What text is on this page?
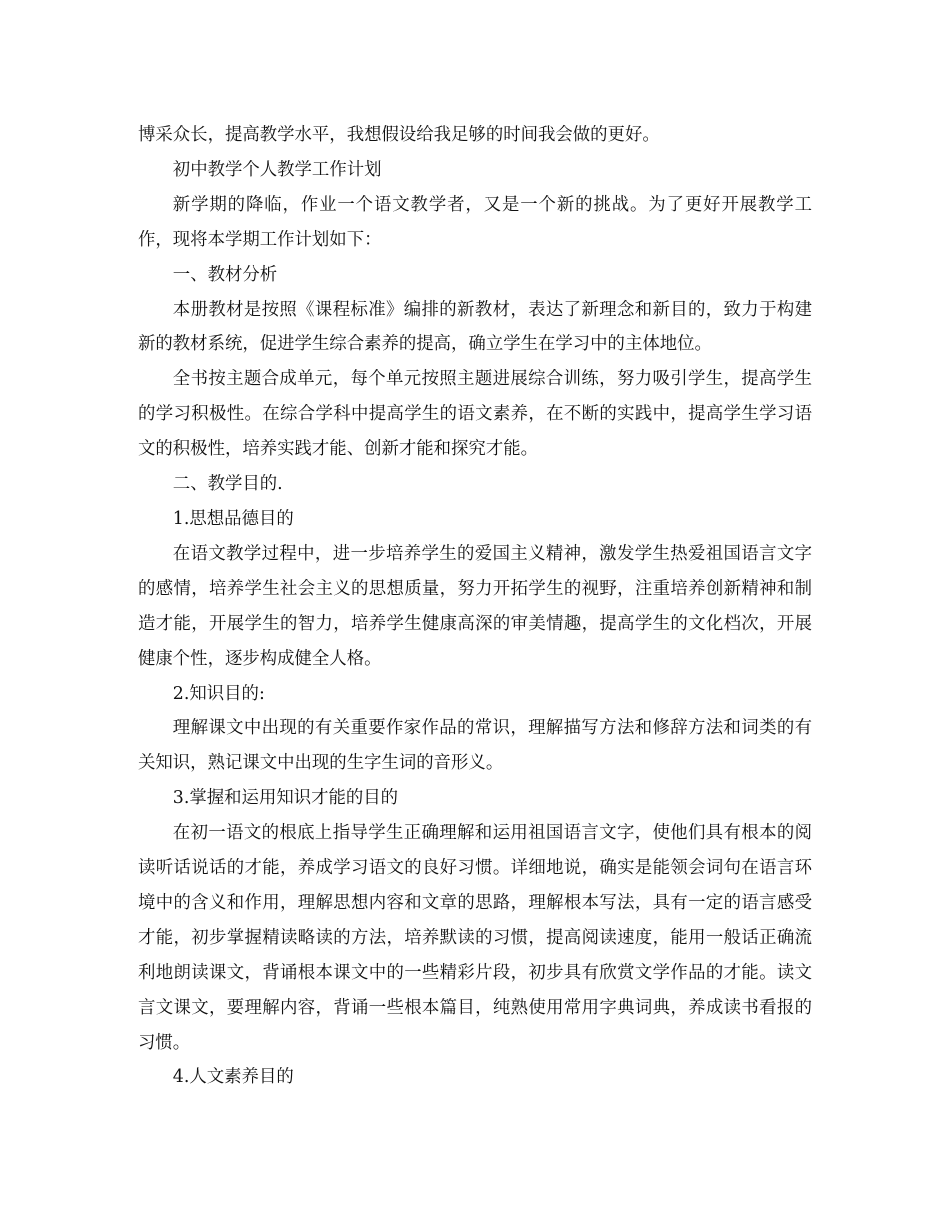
博采众长，提高教学水平，我想假设给我足够的时间我会做的更好。

初中教学个人教学工作计划

新学期的降临，作业一个语文教学者，又是一个新的挑战。为了更好开展教学工作，现将本学期工作计划如下：

一、教材分析

本册教材是按照《课程标准》编排的新教材，表达了新理念和新目的，致力于构建新的教材系统，促进学生综合素养的提高，确立学生在学习中的主体地位。

全书按主题合成单元，每个单元按照主题进展综合训练，努力吸引学生，提高学生的学习积极性。在综合学科中提高学生的语文素养，在不断的实践中，提高学生学习语文的积极性，培养实践才能、创新才能和探究才能。

二、教学目的.

1.思想品德目的

在语文教学过程中，进一步培养学生的爱国主义精神，激发学生热爱祖国语言文字的感情，培养学生社会主义的思想质量，努力开拓学生的视野，注重培养创新精神和制造才能，开展学生的智力，培养学生健康高深的审美情趣，提高学生的文化档次，开展健康个性，逐步构成健全人格。

2.知识目的:

理解课文中出现的有关重要作家作品的常识，理解描写方法和修辞方法和词类的有关知识，熟记课文中出现的生字生词的音形义。

3.掌握和运用知识才能的目的

在初一语文的根底上指导学生正确理解和运用祖国语言文字，使他们具有根本的阅读听话说话的才能，养成学习语文的良好习惯。详细地说，确实是能领会词句在语言环境中的含义和作用，理解思想内容和文章的思路，理解根本写法，具有一定的语言感受才能，初步掌握精读略读的方法，培养默读的习惯，提高阅读速度，能用一般话正确流利地朗读课文，背诵根本课文中的一些精彩片段，初步具有欣赏文学作品的才能。读文言文课文，要理解内容，背诵一些根本篇目，纯熟使用常用字典词典，养成读书看报的习惯。

4.人文素养目的
